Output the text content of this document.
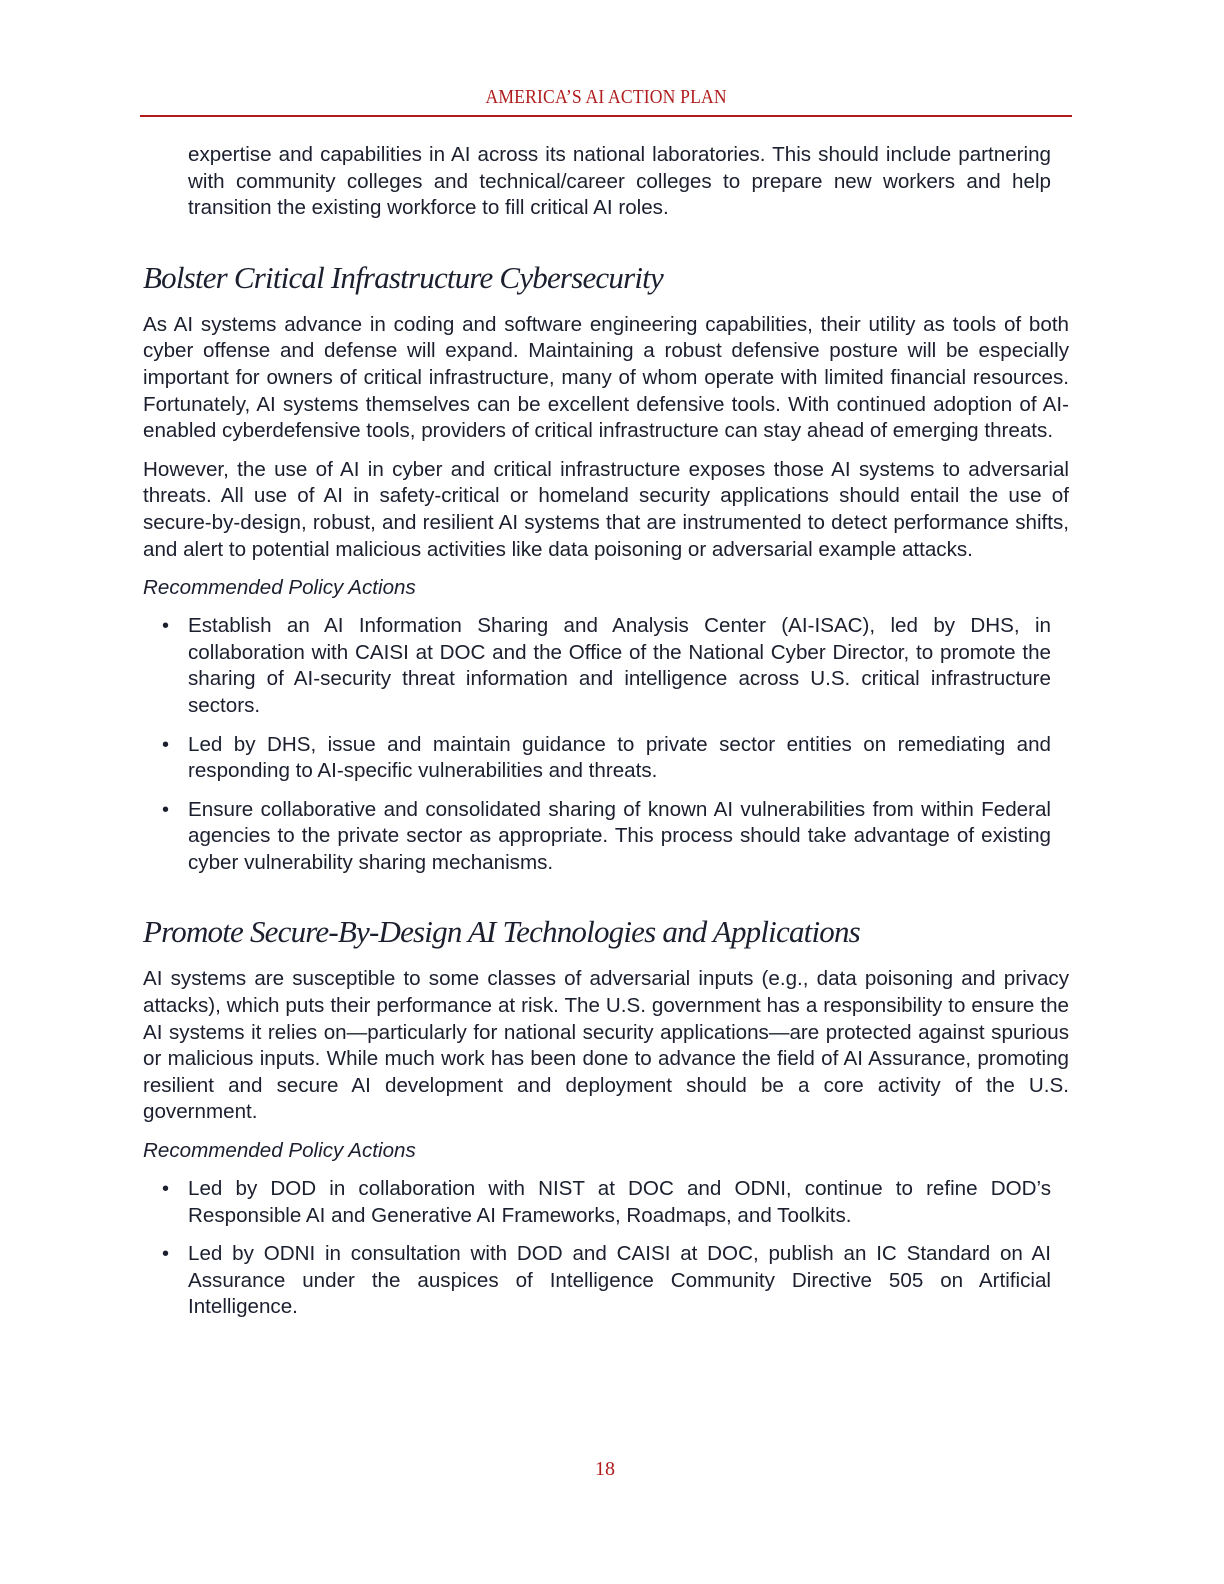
AMERICA’S AI ACTION PLAN

expertise and capabilities in AI across its national laboratories. This should include partnering with community colleges and technical/career colleges to prepare new workers and help transition the existing workforce to fill critical AI roles.

Bolster Critical Infrastructure Cybersecurity

As AI systems advance in coding and software engineering capabilities, their utility as tools of both cyber offense and defense will expand. Maintaining a robust defensive posture will be especially important for owners of critical infrastructure, many of whom operate with limited financial resources. Fortunately, AI systems themselves can be excellent defensive tools. With continued adoption of AI-enabled cyberdefensive tools, providers of critical infrastructure can stay ahead of emerging threats.

However, the use of AI in cyber and critical infrastructure exposes those AI systems to adversarial threats. All use of AI in safety-critical or homeland security applications should entail the use of secure-by-design, robust, and resilient AI systems that are instrumented to detect performance shifts, and alert to potential malicious activities like data poisoning or adversarial example attacks.

Recommended Policy Actions
• Establish an AI Information Sharing and Analysis Center (AI-ISAC), led by DHS, in collaboration with CAISI at DOC and the Office of the National Cyber Director, to promote the sharing of AI-security threat information and intelligence across U.S. critical infrastructure sectors.
• Led by DHS, issue and maintain guidance to private sector entities on remediating and responding to AI-specific vulnerabilities and threats.
• Ensure collaborative and consolidated sharing of known AI vulnerabilities from within Federal agencies to the private sector as appropriate. This process should take advantage of existing cyber vulnerability sharing mechanisms.
Promote Secure-By-Design AI Technologies and Applications

AI systems are susceptible to some classes of adversarial inputs (e.g., data poisoning and privacy attacks), which puts their performance at risk. The U.S. government has a responsibility to ensure the AI systems it relies on—particularly for national security applications—are protected against spurious or malicious inputs. While much work has been done to advance the field of AI Assurance, promoting resilient and secure AI development and deployment should be a core activity of the U.S. government.

Recommended Policy Actions
• Led by DOD in collaboration with NIST at DOC and ODNI, continue to refine DOD’s Responsible AI and Generative AI Frameworks, Roadmaps, and Toolkits.
• Led by ODNI in consultation with DOD and CAISI at DOC, publish an IC Standard on AI Assurance under the auspices of Intelligence Community Directive 505 on Artificial Intelligence.
18
